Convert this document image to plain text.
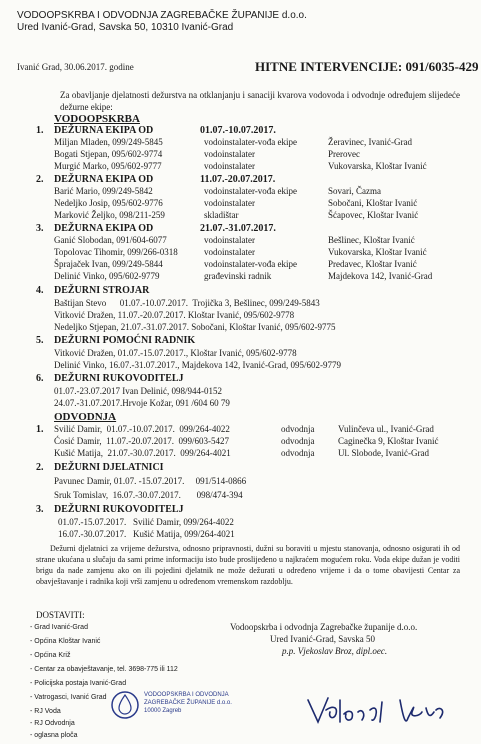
VODOOPSKRBA I ODVODNJA ZAGREBAČKE ŽUPANIJE d.o.o.
Ured Ivanić-Grad, Savska 50, 10310 Ivanić-Grad
Ivanić Grad, 30.06.2017. godine	HITNE INTERVENCIJE: 091/6035-429
Za obavljanje djelatnosti dežurstva na otklanjanju i sanaciji kvarova vodovoda i odvodnje određujem slijedeće dežurne ekipe:
VODOOPSKRBA
1. DEŽURNA EKIPA OD	01.07.-10.07.2017.
Miljan Mladen, 099/249-5845	vodoinstalater-vođa ekipe	Žeravinec, Ivanić-Grad
Bogati Stjepan, 095/602-9774	vodoinstalater	Prerovec
Murgić Marko, 095/602-9777	vodoinstalater	Vukovarska, Kloštar Ivanić
2. DEŽURNA EKIPA OD	11.07.-20.07.2017.
Barić Mario, 099/249-5842	vodoinstalater-vođa ekipe	Sovari, Čazma
Nedeljko Josip, 095/602-9776	vodoinstalater	Sobočani, Kloštar Ivanić
Marković Željko, 098/211-259	skladištar	Šćapovec, Kloštar Ivanić
3. DEŽURNA EKIPA OD	21.07.-31.07.2017.
Ganić Slobodan, 091/604-6077	vodoinstalater	Bešlinec, Kloštar Ivanić
Topolovac Tihomir, 099/266-0318	vodoinstalater	Vukovarska, Kloštar Ivanić
Šprajaček Ivan, 099/249-5844	vodoinstalater-vođa ekipe	Predavec, Kloštar Ivanić
Delinić Vinko, 095/602-9779	građevinski radnik	Majdekova 142, Ivanić-Grad
4. DEŽURNI STROJAR
Baštijan Stevo      01.07.-10.07.2017.  Trojička 3, Bešlinec, 099/249-5843
Vitković Dražen, 11.07.-20.07.2017. Kloštar Ivanić, 095/602-9778
Nedeljko Stjepan, 21.07.-31.07.2017. Sobočani, Kloštar Ivanić, 095/602-9775
5. DEŽURNI POMOĆNI RADNIK
Vitković Dražen, 01.07.-15.07.2017., Kloštar Ivanić, 095/602-9778
Delinić Vinko, 16.07.-31.07.2017., Majdekova 142, Ivanić-Grad, 095/602-9779
6. DEŽURNI RUKOVODITELJ
01.07.-23.07.2017 Ivan Delinić, 098/944-0152
24.07.-31.07.2017.Hrvoje Kožar, 091 /604 60 79
ODVODNJA
1. Svilić Damir,  01.07.-10.07.2017.  099/264-4022	odvodnja	Vulinčeva ul., Ivanić-Grad
Ćosić Damir,  11.07.-20.07.2017.  099/603-5427	odvodnja	Caginečka 9, Kloštar Ivanić
Kušić Matija,  21.07.-30.07.2017.  099/264-4021	odvodnja	Ul. Slobode, Ivanić-Grad
2. DEŽURNI DJELATNICI
Pavunec Damir, 01.07. -15.07.2017.     091/514-0866
Sruk Tomislav,  16.07.-30.07.2017.       098/474-394
3. DEŽURNI RUKOVODITELJ
01.07.-15.07.2017.   Svilić Damir, 099/264-4022
16.07.-30.07.2017.   Kušić Matija, 099/264-4021
Dežurni djelatnici za vrijeme dežurstva, odnosno pripravnosti, dužni su boraviti u mjestu stanovanja, odnosno osigurati ih od strane ukućana u slučaju da sami prime informaciju isto bude proslijeđeno u najkraćem mogućem roku. Voda ekipe dužan je voditi brigu da nade zamjenu ako on ili pojedini djelatnik ne može dežurati u određeno vrijeme i da o tome obavijesti Centar za obavještavanje i radnika koji vrši zamjenu u određenom vremenskom razdoblju.
DOSTAVITI:
- Grad Ivanić-Grad
- Općina Kloštar Ivanić
- Općina Križ
- Centar za obavještavanje, tel. 3698-775 ili 112
- Policijska postaja Ivanić-Grad
- Vatrogasci, Ivanić Grad
- RJ Voda
- RJ Odvodnja
- oglasna ploča
Vodoopskrba i odvodnja Zagrebačke županije d.o.o.
Ured Ivanić-Grad, Savska 50
p.p. Vjekoslav Broz, dipl.oec.
VODOOPSKRBA I ODVODNJA
ZAGREBAČKE ŽUPANIJE d.o.o.
10000 Zagreb
